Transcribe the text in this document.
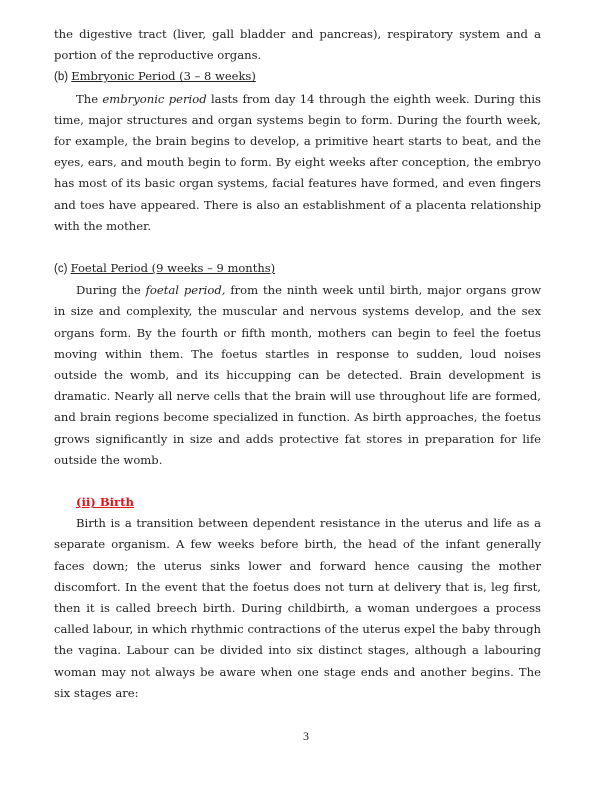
the digestive tract (liver, gall bladder and pancreas), respiratory system and a portion of the reproductive organs.

(b) Embryonic Period (3 – 8 weeks)

The embryonic period lasts from day 14 through the eighth week. During this time, major structures and organ systems begin to form. During the fourth week, for example, the brain begins to develop, a primitive heart starts to beat, and the eyes, ears, and mouth begin to form. By eight weeks after conception, the embryo has most of its basic organ systems, facial features have formed, and even fingers and toes have appeared. There is also an establishment of a placenta relationship with the mother.

(c) Foetal Period (9 weeks – 9 months)

During the foetal period, from the ninth week until birth, major organs grow in size and complexity, the muscular and nervous systems develop, and the sex organs form. By the fourth or fifth month, mothers can begin to feel the foetus moving within them. The foetus startles in response to sudden, loud noises outside the womb, and its hiccupping can be detected. Brain development is dramatic. Nearly all nerve cells that the brain will use throughout life are formed, and brain regions become specialized in function. As birth approaches, the foetus grows significantly in size and adds protective fat stores in preparation for life outside the womb.

(ii) Birth

Birth is a transition between dependent resistance in the uterus and life as a separate organism. A few weeks before birth, the head of the infant generally faces down; the uterus sinks lower and forward hence causing the mother discomfort. In the event that the foetus does not turn at delivery that is, leg first, then it is called breech birth. During childbirth, a woman undergoes a process called labour, in which rhythmic contractions of the uterus expel the baby through the vagina. Labour can be divided into six distinct stages, although a labouring woman may not always be aware when one stage ends and another begins. The six stages are:

3
